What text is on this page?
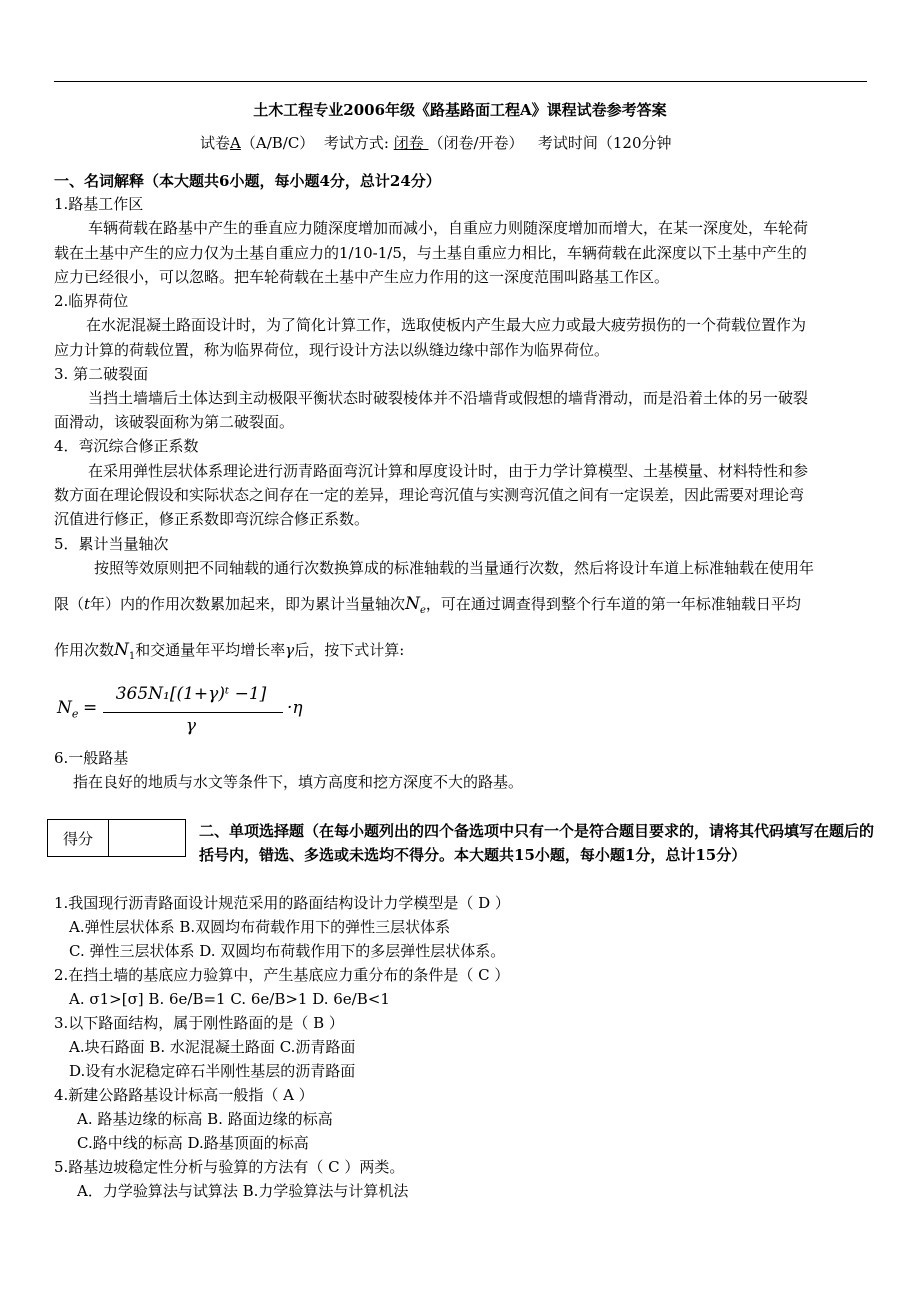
土木工程专业2006年级《路基路面工程A》课程试卷参考答案
试卷A（A/B/C） 考试方式: 闭卷 （闭卷/开卷） 考试时间（120分钟
一、名词解释（本大题共6小题，每小题4分，总计24分）
1.路基工作区
车辆荷载在路基中产生的垂直应力随深度增加而减小，自重应力则随深度增加而增大，在某一深度处，车轮荷
载在土基中产生的应力仅为土基自重应力的1/10-1/5，与土基自重应力相比，车辆荷载在此深度以下土基中产生的
应力已经很小，可以忽略。把车轮荷载在土基中产生应力作用的这一深度范围叫路基工作区。
2.临界荷位
在水泥混凝土路面设计时，为了简化计算工作，选取使板内产生最大应力或最大疲劳损伤的一个荷载位置作为
应力计算的荷载位置，称为临界荷位，现行设计方法以纵缝边缘中部作为临界荷位。
3. 第二破裂面
当挡土墙墙后土体达到主动极限平衡状态时破裂棱体并不沿墙背或假想的墙背滑动，而是沿着土体的另一破裂
面滑动，该破裂面称为第二破裂面。
4．弯沉综合修正系数
在采用弹性层状体系理论进行沥青路面弯沉计算和厚度设计时，由于力学计算模型、土基模量、材料特性和参
数方面在理论假设和实际状态之间存在一定的差异，理论弯沉值与实测弯沉值之间有一定误差，因此需要对理论弯
沉值进行修正，修正系数即弯沉综合修正系数。
5．累计当量轴次
按照等效原则把不同轴载的通行次数换算成的标准轴载的当量通行次数，然后将设计车道上标准轴载在使用年
限（t年）内的作用次数累加起来，即为累计当量轴次$N_e$，可在通过调查得到整个行车道的第一年标准轴载日平均
作用次数$N_1$和交通量年平均增长率γ后，按下式计算:
$N_e$ =
365N₁[(1+γ)ᵗ −1]
γ
·η
6.一般路基
指在良好的地质与水文等条件下，填方高度和挖方深度不大的路基。
得分		二、单项选择题（在每小题列出的四个备选项中只有一个是符合题目要求的，请将其代码填写在题后的括号内，错选、多选或未选均不得分。本大题共15小题，每小题1分，总计15分）
1.我国现行沥青路面设计规范采用的路面结构设计力学模型是（ D ）
A.弹性层状体系 B.双圆均布荷载作用下的弹性三层状体系
C. 弹性三层状体系 D. 双圆均布荷载作用下的多层弹性层状体系。
2.在挡土墙的基底应力验算中，产生基底应力重分布的条件是（ C ）
A. σ1>[σ] B. 6e/B=1 C. 6e/B>1 D. 6e/B<1
3.以下路面结构，属于刚性路面的是（ B ）
A.块石路面 B. 水泥混凝土路面 C.沥青路面
D.设有水泥稳定碎石半刚性基层的沥青路面
4.新建公路路基设计标高一般指（ A ）
A. 路基边缘的标高 B. 路面边缘的标高
C.路中线的标高 D.路基顶面的标高
5.路基边坡稳定性分析与验算的方法有（ C ）两类。
A．力学验算法与试算法 B.力学验算法与计算机法
